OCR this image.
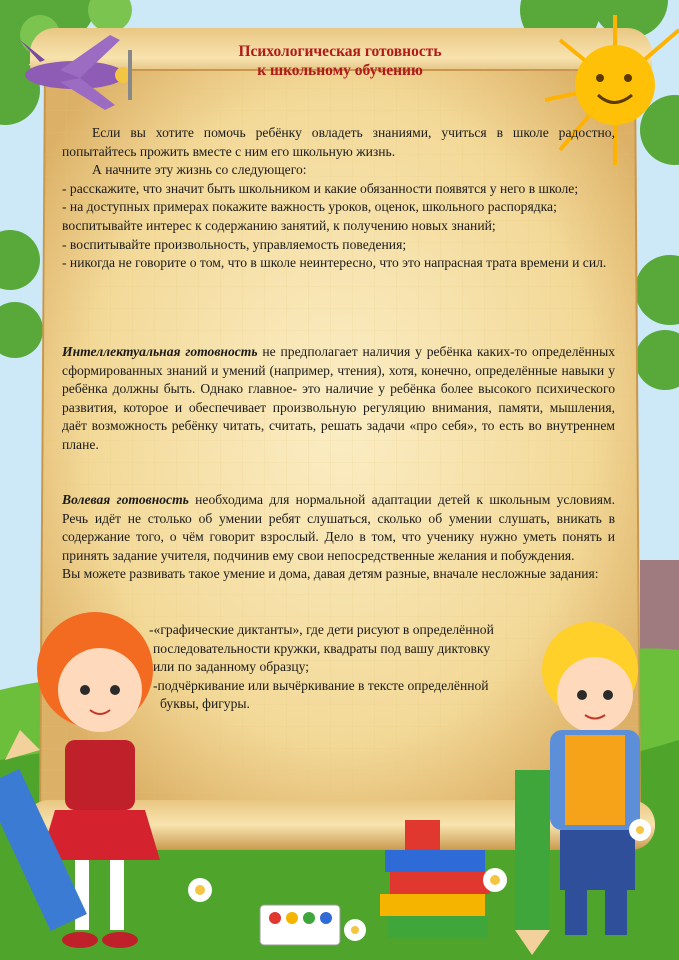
Психологическая готовность
к школьному обучению
Если вы хотите помочь ребёнку овладеть знаниями, учиться в школе радостно, попытайтесь прожить вместе с ним его школьную жизнь.
А начните эту жизнь со следующего:
- расскажите, что значит быть школьником и какие обязанности появятся у него в школе;
- на доступных примерах покажите важность уроков, оценок, школьного распорядка;
воспитывайте интерес к содержанию занятий, к получению новых знаний;
- воспитывайте произвольность, управляемость поведения;
- никогда не говорите о том, что в школе неинтересно, что это напрасная трата времени и сил.
Интеллектуальная готовность не предполагает наличия у ребёнка каких-то определённых сформированных знаний и умений (например, чтения), хотя, конечно, определённые навыки у ребёнка должны быть. Однако главное- это наличие у ребёнка более высокого психического развития, которое и обеспечивает произвольную регуляцию внимания, памяти, мышления, даёт возможность ребёнку читать, считать, решать задачи «про себя», то есть во внутреннем плане.
Волевая готовность необходима для нормальной адаптации детей к школьным условиям. Речь идёт не столько об умении ребят слушаться, сколько об умении слушать, вникать в содержание того, о чём говорит взрослый. Дело в том, что ученику нужно уметь понять и принять задание учителя, подчинив ему свои непосредственные желания и побуждения.
Вы можете развивать такое умение и дома, давая детям разные, вначале несложные задания:
-«графические диктанты», где дети рисуют в определённой
последовательности кружки, квадраты под вашу диктовку
или по заданному образцу;
-подчёркивание или вычёркивание в тексте определённой
буквы, фигуры.
